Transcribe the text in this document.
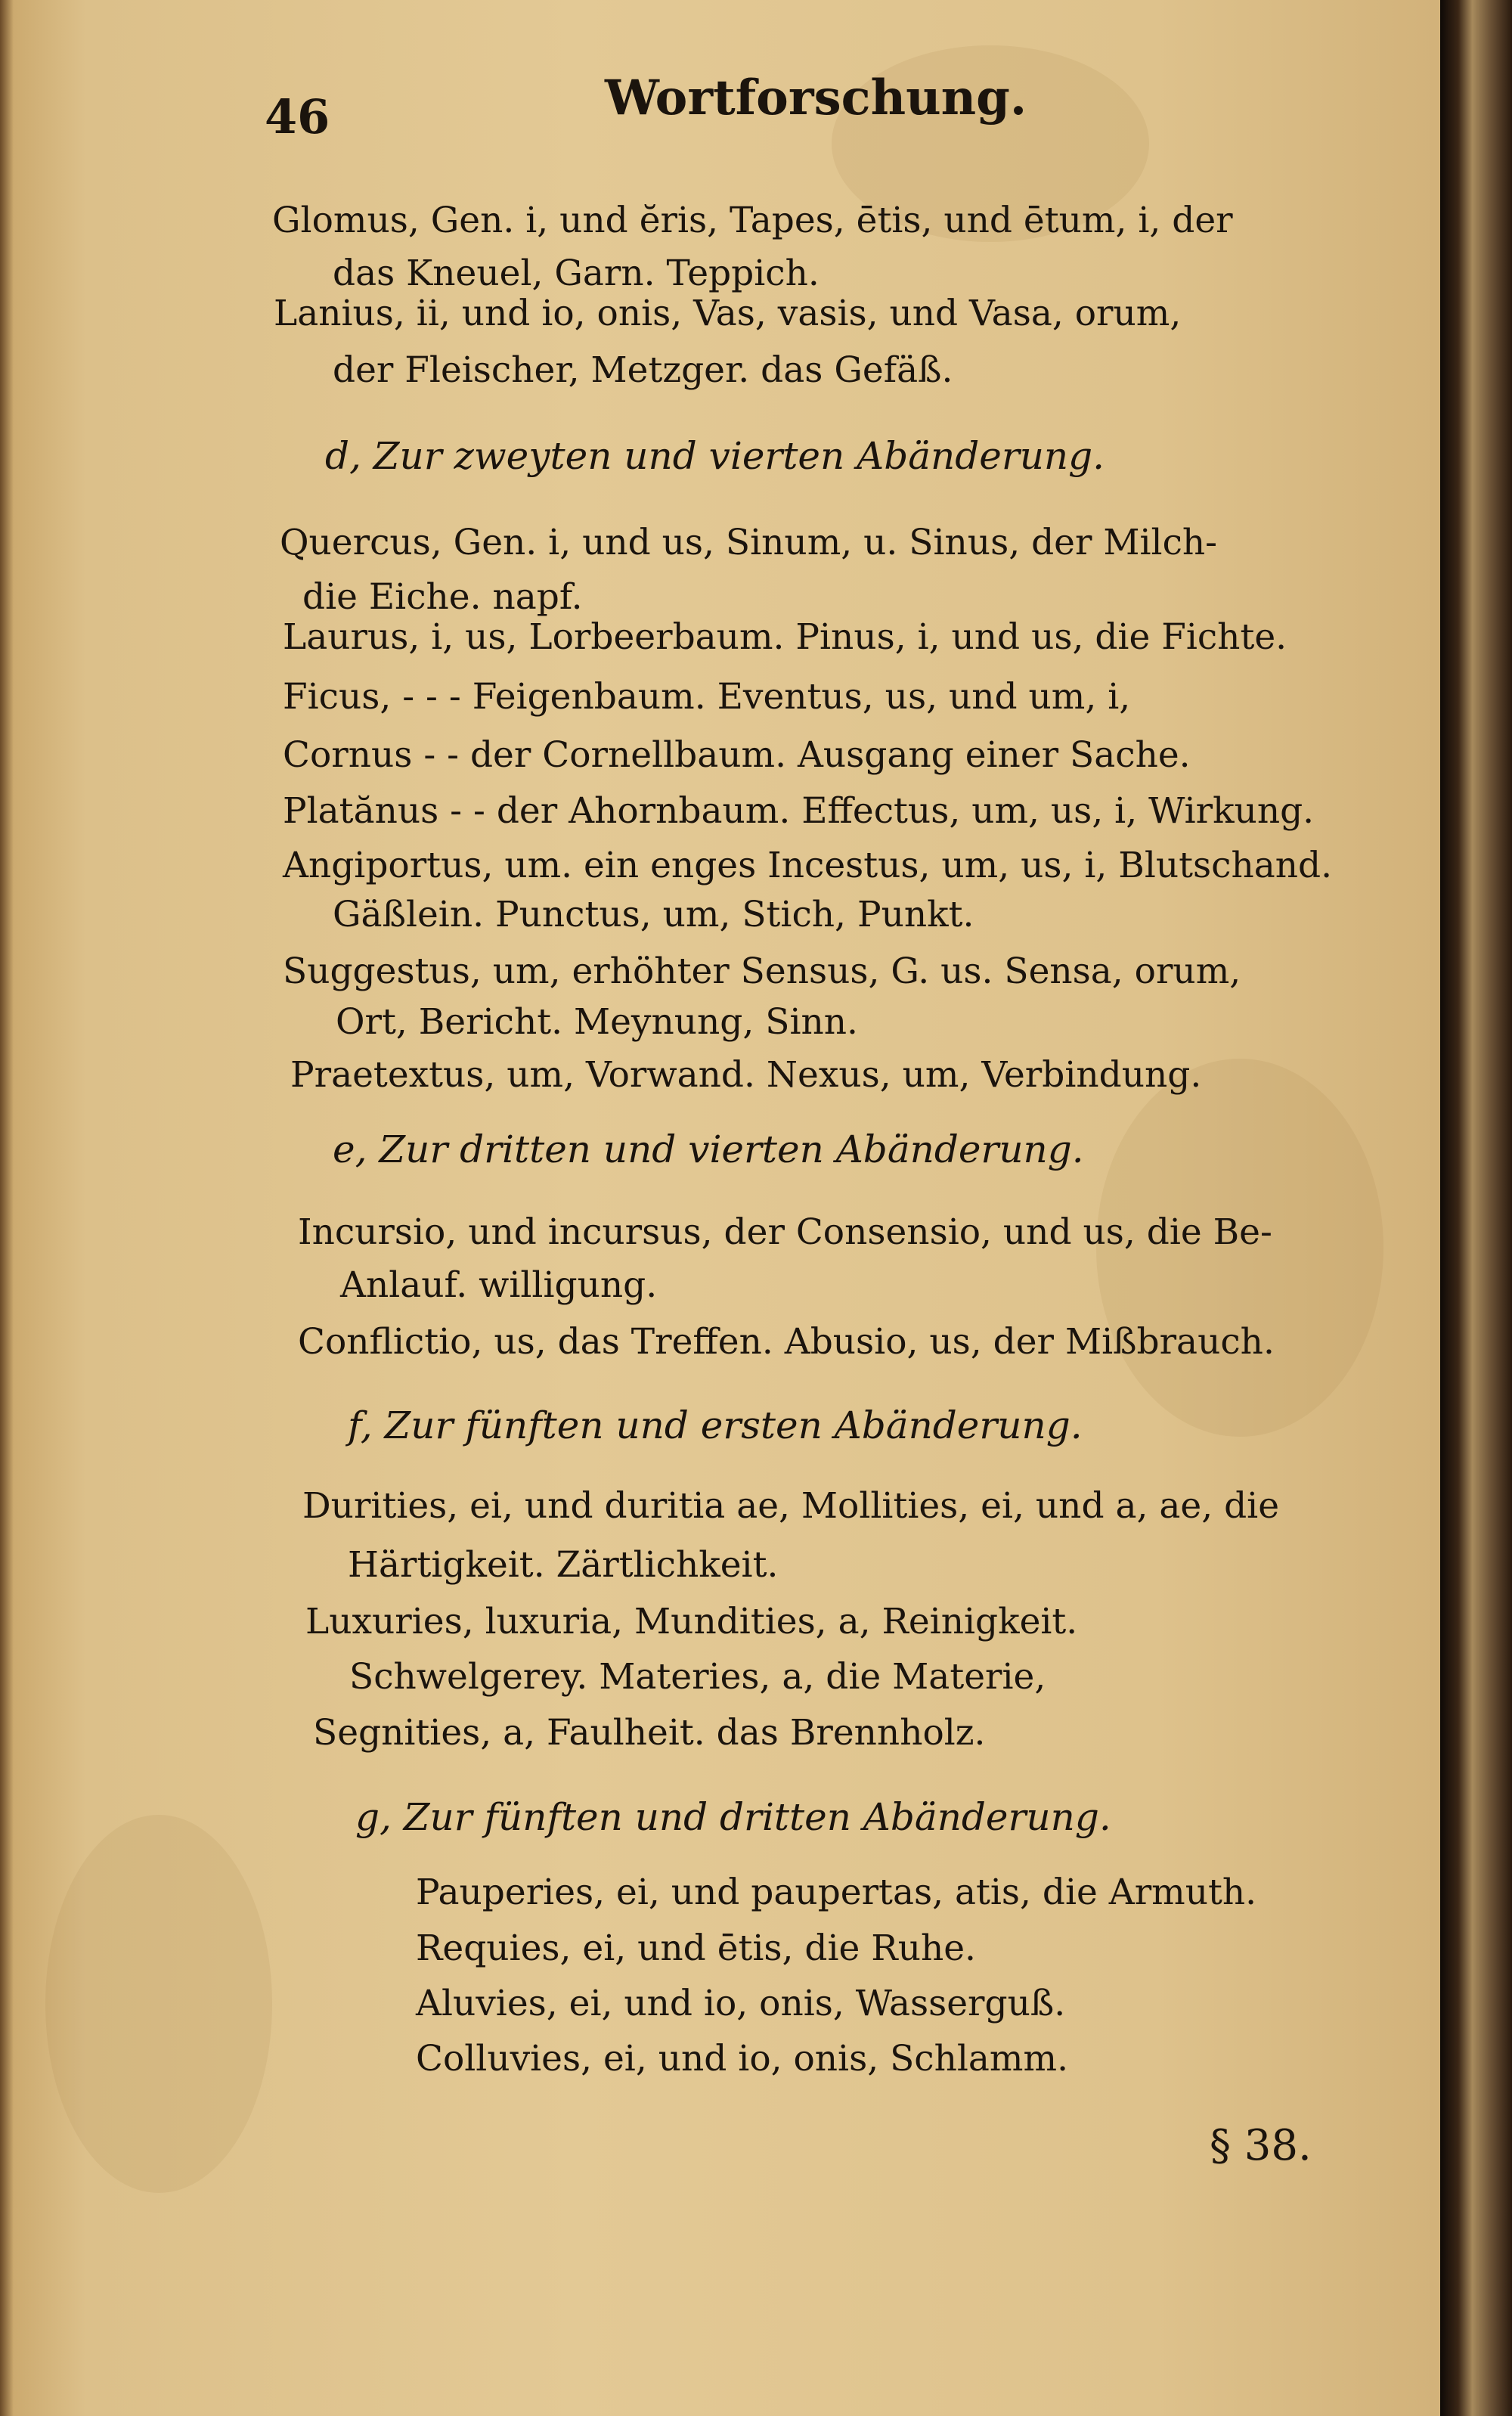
46	Wortforschung.
Glomus, Gen. i, und ĕris, Tapes, ētis, und ētum, i, der
das Kneuel, Garn. Teppich.
Lanius, ii, und io, onis, Vas, vasis, und Vasa, orum,
der Fleischer, Metzger. das Gefäß.
d, Zur zweyten und vierten Abänderung.
Quercus, Gen. i, und us, Sinum, u. Sinus, der Milch-
die Eiche. napf.
Laurus, i, us, Lorbeerbaum. Pinus, i, und us, die Fichte.
Ficus, - - - Feigenbaum. Eventus, us, und um, i,
Cornus - - der Cornellbaum. Ausgang einer Sache.
Platănus - - der Ahornbaum. Effectus, um, us, i, Wirkung.
Angiportus, um. ein enges Incestus, um, us, i, Blutschand.
Gäßlein. Punctus, um, Stich, Punkt.
Suggestus, um, erhöhter Sensus, G. us. Sensa, orum,
Ort, Bericht. Meynung, Sinn.
Praetextus, um, Vorwand. Nexus, um, Verbindung.
e, Zur dritten und vierten Abänderung.
Incursio, und incursus, der Consensio, und us, die Be-
Anlauf. willigung.
Conflictio, us, das Treffen. Abusio, us, der Mißbrauch.
f, Zur fünften und ersten Abänderung.
Durities, ei, und duritia ae, Mollities, ei, und a, ae, die
Härtigkeit. Zärtlichkeit.
Luxuries, luxuria, Mundities, a, Reinigkeit.
Schwelgerey. Materies, a, die Materie,
Segnities, a, Faulheit. das Brennholz.
g, Zur fünften und dritten Abänderung.
Pauperies, ei, und paupertas, atis, die Armuth.
Requies, ei, und ētis, die Ruhe.
Aluvies, ei, und io, onis, Wasserguß.
Colluvies, ei, und io, onis, Schlamm.
§ 38.
